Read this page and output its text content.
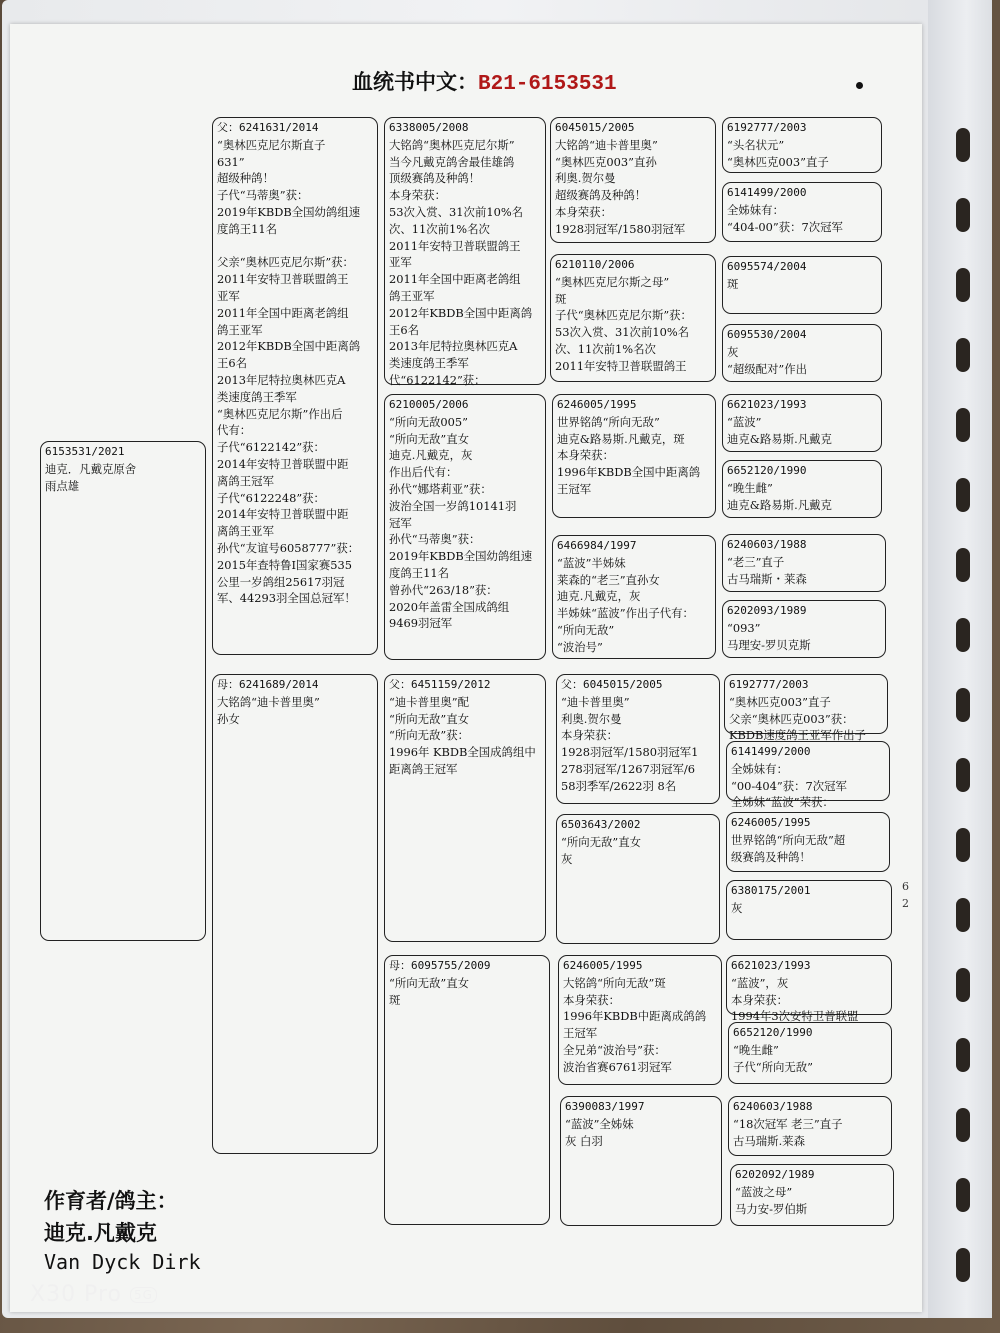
血统书中文：B21-6153531
6
2
6153531/2021
迪克．凡戴克原舍
雨点雄
父：6241631/2014
“奥林匹克尼尔斯直子
631”
超级种鸽！
子代“马蒂奥”获：
2019年KBDB全国幼鸽组速
度鸽王11名

父亲“奥林匹克尼尔斯”获：
2011年安特卫普联盟鸽王
亚军
2011年全国中距离老鸽组
鸽王亚军
2012年KBDB全国中距离鸽
王6名
2013年尼特拉奥林匹克A
类速度鸽王季军
“奥林匹克尼尔斯”作出后
代有：
子代“6122142”获：
2014年安特卫普联盟中距
离鸽王冠军
子代“6122248”获：
2014年安特卫普联盟中距
离鸽王亚军
孙代“友谊号6058777”获：
2015年查特鲁I国家赛535
公里一岁鸽组25617羽冠
军、44293羽全国总冠军！
母：6241689/2014
大铭鸽“迪卡普里奥”
孙女
6338005/2008
大铭鸽“奥林匹克尼尔斯”
当今凡戴克鸽舍最佳雄鸽
顶级赛鸽及种鸽！
本身荣获：
53次入赏、31次前10%名
次、11次前1%名次
2011年安特卫普联盟鸽王
亚军
2011年全国中距离老鸽组
鸽王亚军
2012年KBDB全国中距离鸽
王6名
2013年尼特拉奥林匹克A
类速度鸽王季军
代“6122142”获：
6210005/2006
“所向无敌005”
“所向无敌”直女
迪克.凡戴克，灰
作出后代有：
孙代“娜塔莉亚”获：
波治全国一岁鸽10141羽
冠军
孙代“马蒂奥”获：
2019年KBDB全国幼鸽组速
度鸽王11名
曾孙代“263/18”获：
2020年盖雷全国成鸽组
9469羽冠军
父：6451159/2012
“迪卡普里奥”配
“所向无敌”直女
“所向无敌”获：
1996年 KBDB全国成鸽组中
距离鸽王冠军
母：6095755/2009
“所向无敌”直女
斑
6045015/2005
大铭鸽“迪卡普里奥”
“奥林匹克003”直孙
利奥.贺尔曼
超级赛鸽及种鸽！
本身荣获：
1928羽冠军/1580羽冠军
6210110/2006
“奥林匹克尼尔斯之母”
斑
子代“奥林匹克尼尔斯”获：
53次入赏、31次前10%名
次、11次前1%名次
2011年安特卫普联盟鸽王
6246005/1995
世界铭鸽“所向无敌”
迪克&路易斯.凡戴克，斑
本身荣获：
1996年KBDB全国中距离鸽
王冠军
6466984/1997
“蓝波”半姊妹
莱森的“老三”直孙女
迪克.凡戴克，灰
半姊妹“蓝波”作出子代有：
“所向无敌”
“波治号”
父：6045015/2005
“迪卡普里奥”
利奥.贺尔曼
本身荣获：
1928羽冠军/1580羽冠军1
278羽冠军/1267羽冠军/6
58羽季军/2622羽 8名
6503643/2002
“所向无敌”直女
灰
6246005/1995
大铭鸽“所向无敌”斑
本身荣获：
1996年KBDB中距离成鸽鸽
王冠军
全兄弟“波治号”获：
波治省赛6761羽冠军
6390083/1997
“蓝波”全姊妹
灰 白羽
6192777/2003
“头名状元”
“奥林匹克003”直子
6141499/2000
全姊妹有：
“404-00”获：7次冠军
6095574/2004
斑
6095530/2004
灰
“超级配对”作出
6621023/1993
“蓝波”
迪克&路易斯.凡戴克
6652120/1990
“晚生雌”
迪克&路易斯.凡戴克
6240603/1988
“老三”直子
古马瑞斯・莱森
6202093/1989
“093”
马理安-罗贝克斯
6192777/2003
“奥林匹克003”直子
父亲“奥林匹克003”获：
KBDB速度鸽王亚军作出子
6141499/2000
全姊妹有：
“00-404”获：7次冠军
全姊妹“蓝波”荣获：
6246005/1995
世界铭鸽“所向无敌”超
级赛鸽及种鸽！
6380175/2001
灰
6621023/1993
“蓝波”，灰
本身荣获：
1994年3次安特卫普联盟
6652120/1990
“晚生雌”
子代“所向无敌”
6240603/1988
“18次冠军 老三”直子
古马瑞斯.莱森
6202092/1989
“蓝波之母”
马力安-罗伯斯
作育者/鸽主：
迪克.凡戴克
Van Dyck Dirk
X30 Pro 5G
